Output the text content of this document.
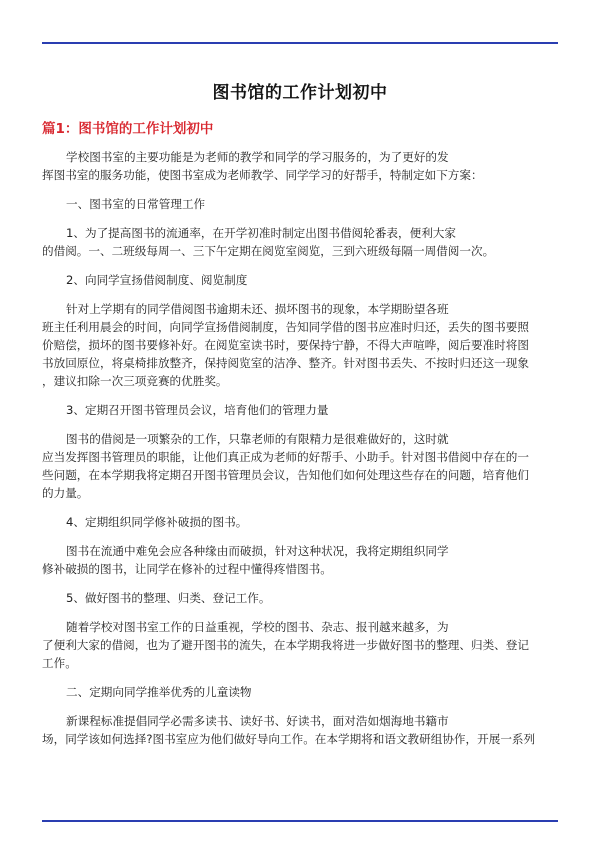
图书馆的工作计划初中
篇1：图书馆的工作计划初中
学校图书室的主要功能是为老师的教学和同学的学习服务的，为了更好的发
挥图书室的服务功能，使图书室成为老师教学、同学学习的好帮手，特制定如下方案：
一、图书室的日常管理工作
1、为了提高图书的流通率，在开学初准时制定出图书借阅轮番表，便利大家
的借阅。一、二班级每周一、三下午定期在阅览室阅览，三到六班级每隔一周借阅一次。
2、向同学宣扬借阅制度、阅览制度
针对上学期有的同学借阅图书逾期未还、损坏图书的现象，本学期盼望各班
班主任利用晨会的时间，向同学宣扬借阅制度，告知同学借的图书应准时归还，丢失的图书要照
价赔偿，损坏的图书要修补好。在阅览室读书时，要保持宁静，不得大声喧哗，阅后要准时将图
书放回原位，将桌椅排放整齐，保持阅览室的洁净、整齐。针对图书丢失、不按时归还这一现象
，建议扣除一次三项竞赛的优胜奖。
3、定期召开图书管理员会议，培育他们的管理力量
图书的借阅是一项繁杂的工作，只靠老师的有限精力是很难做好的，这时就
应当发挥图书管理员的职能，让他们真正成为老师的好帮手、小助手。针对图书借阅中存在的一
些问题，在本学期我将定期召开图书管理员会议，告知他们如何处理这些存在的问题，培育他们
的力量。
4、定期组织同学修补破损的图书。
图书在流通中难免会应各种缘由而破损，针对这种状况，我将定期组织同学
修补破损的图书，让同学在修补的过程中懂得疼惜图书。
5、做好图书的整理、归类、登记工作。
随着学校对图书室工作的日益重视，学校的图书、杂志、报刊越来越多，为
了便利大家的借阅，也为了避开图书的流失，在本学期我将进一步做好图书的整理、归类、登记
工作。
二、定期向同学推举优秀的儿童读物
新课程标准提倡同学必需多读书、读好书、好读书，面对浩如烟海地书籍市
场，同学该如何选择?图书室应为他们做好导向工作。在本学期将和语文教研组协作，开展一系列
